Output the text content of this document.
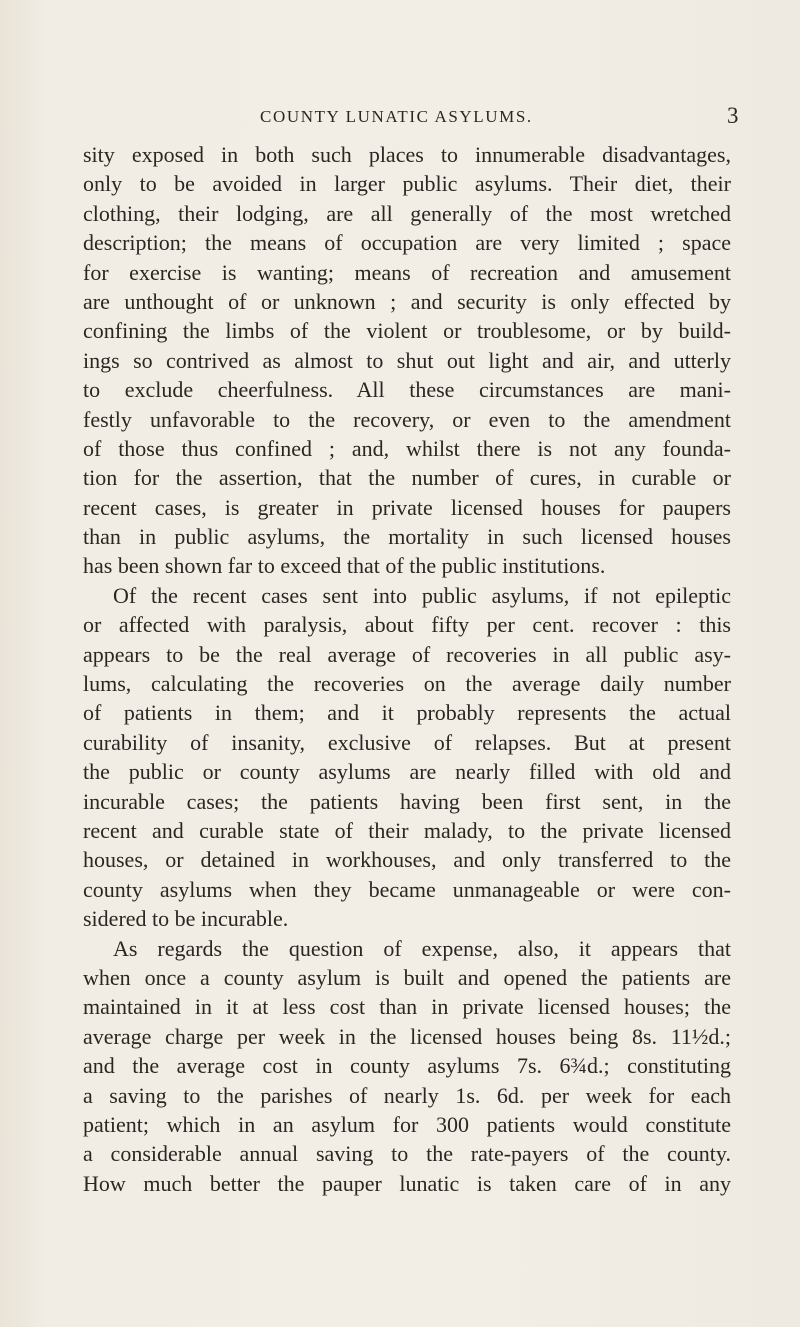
COUNTY LUNATIC ASYLUMS.	3
sity exposed in both such places to innumerable disadvantages,
only to be avoided in larger public asylums. Their diet, their
clothing, their lodging, are all generally of the most wretched
description; the means of occupation are very limited ; space
for exercise is wanting; means of recreation and amusement
are unthought of or unknown ; and security is only effected by
confining the limbs of the violent or troublesome, or by build-
ings so contrived as almost to shut out light and air, and utterly
to exclude cheerfulness. All these circumstances are mani-
festly unfavorable to the recovery, or even to the amendment
of those thus confined ; and, whilst there is not any founda-
tion for the assertion, that the number of cures, in curable or
recent cases, is greater in private licensed houses for paupers
than in public asylums, the mortality in such licensed houses
has been shown far to exceed that of the public institutions.
Of the recent cases sent into public asylums, if not epileptic
or affected with paralysis, about fifty per cent. recover : this
appears to be the real average of recoveries in all public asy-
lums, calculating the recoveries on the average daily number
of patients in them; and it probably represents the actual
curability of insanity, exclusive of relapses. But at present
the public or county asylums are nearly filled with old and
incurable cases; the patients having been first sent, in the
recent and curable state of their malady, to the private licensed
houses, or detained in workhouses, and only transferred to the
county asylums when they became unmanageable or were con-
sidered to be incurable.
As regards the question of expense, also, it appears that
when once a county asylum is built and opened the patients are
maintained in it at less cost than in private licensed houses; the
average charge per week in the licensed houses being 8s. 11½d.;
and the average cost in county asylums 7s. 6¾d.; constituting
a saving to the parishes of nearly 1s. 6d. per week for each
patient; which in an asylum for 300 patients would constitute
a considerable annual saving to the rate-payers of the county.
How much better the pauper lunatic is taken care of in any
